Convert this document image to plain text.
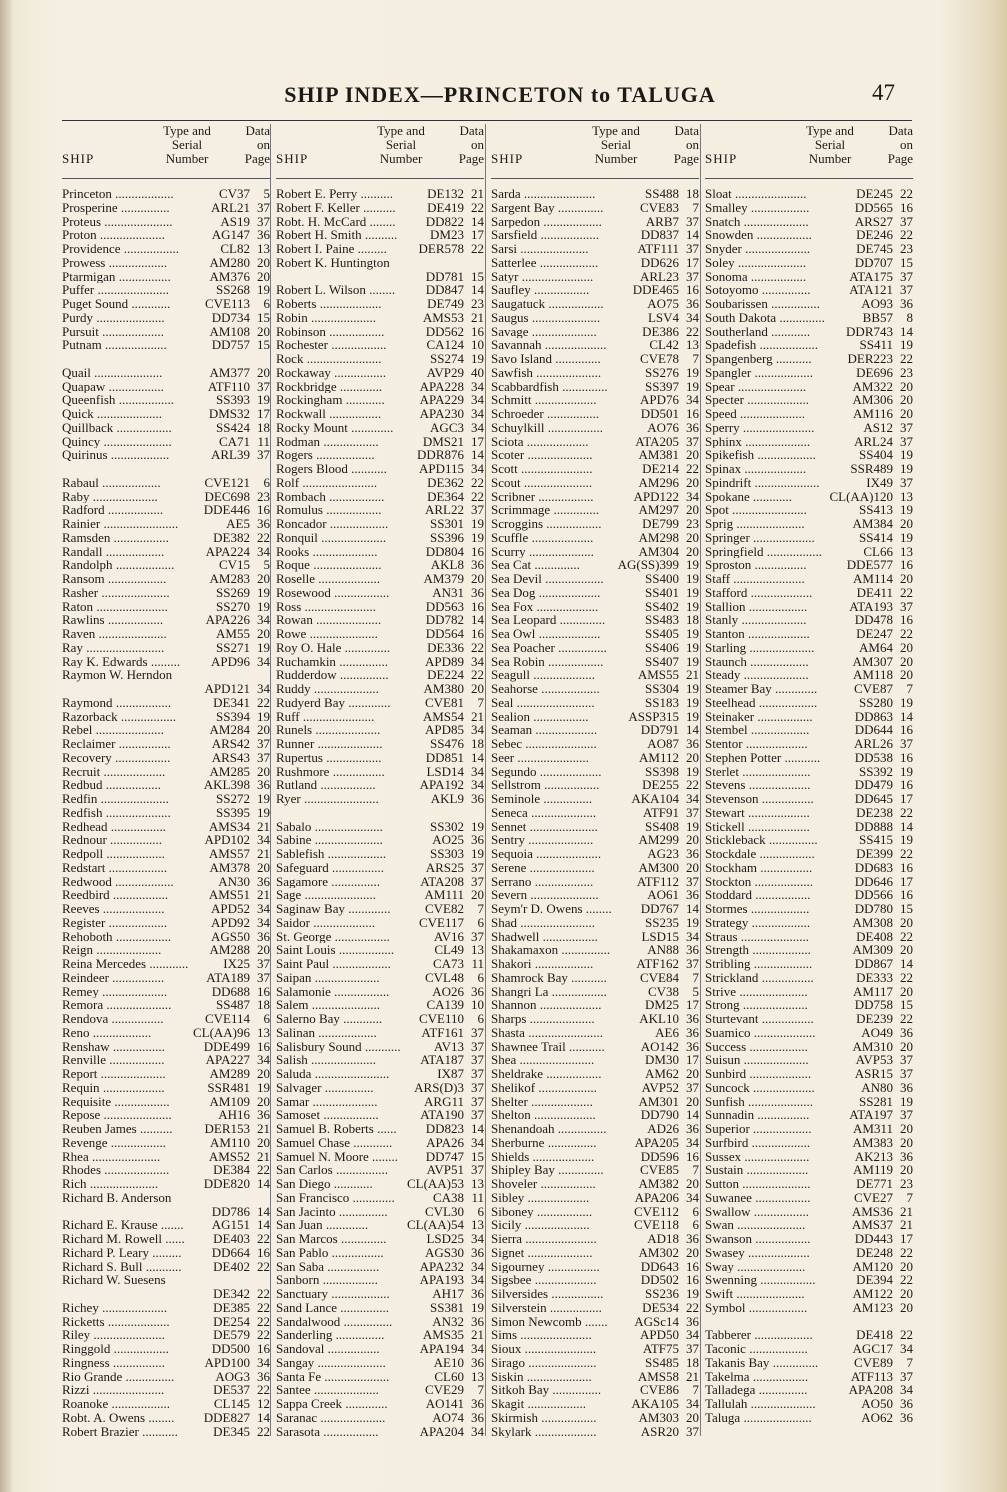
SHIP INDEX—PRINCETON to TALUGA	47
SHIP
Type and
Serial
Number
Data
on
Page
Princeton ..................	CV37	5
Prosperine ...............	ARL21 37
Proteus .....................	AS19 37
Proton ....................	AG147 36
Providence .................	CL82 13
Prowess ..................	AM280 20
Ptarmigan ................	AM376 20
Puffer ......................	SS268 19
Puget Sound ............	CVE113	6
Purdy .....................	DD734 15
Pursuit ...................	AM108 20
Putnam ...................	DD757 15
Quail .....................	AM377 20
Quapaw .................	ATF110 37
Queenfish .................	SS393 19
Quick ....................	DMS32 17
Quillback .................	SS424 18
Quincy .....................	CA71 11
Quirinus ..................	ARL39 37
Rabaul ..................	CVE121	6
Raby ....................	DEC698 23
Radford .................	DDE446 16
Rainier .......................	AE5 36
Ramsden .................	DE382 22
Randall ..................	APA224 34
Randolph ..................	CV15	5
Ransom ..................	AM283 20
Rasher .....................	SS269 19
Raton ......................	SS270 19
Rawlins .................	APA226 34
Raven .....................	AM55 20
Ray ........................	SS271 19
Ray K. Edwards ......... APD96 34
Raymon W. Herndon
APD121 34
Raymond .................	DE341 22
Razorback .................	SS394 19
Rebel .....................	AM284 20
Reclaimer ................	ARS42 37
Recovery .................	ARS43 37
Recruit ...................	AM285 20
Redbud .................	AKL398 36
Redfin .....................	SS272 19
Redfish ....................	SS395 19
Redhead .................	AMS34 21
Rednour ................	APD102 34
Redpoll ..................	AMS57 21
Redstart ..................	AM378 20
Redwood ..................	AN30 36
Reedbird .................	AMS51 21
Reeves ...................	APD52 34
Register ..................	APD92 34
Rehoboth .................	AGS50 36
Reign ....................	AM288 20
Reina Mercedes ............	IX25 37
Reindeer ................	ATA189 37
Remey ....................	DD688 16
Remora ....................	SS487 18
Rendova ................	CVE114	6
Reno ..................	CL(AA)96 13
Renshaw ................	DDE499 16
Renville .................	APA227 34
Report ....................	AM289 20
Requin ...................	SSR481 19
Requisite .................	AM109 20
Repose .....................	AH16 36
Reuben James .......... DER153 21
Revenge .................	AM110 20
Rhea .....................	AMS52 21
Rhodes ....................	DE384 22
Rich .....................	DDE820 14
Richard B. Anderson
DD786 14
Richard E. Krause ....... AG151 14
Richard M. Rowell ...... DE403 22
Richard P. Leary ......... DD664 16
Richard S. Bull ........... DE402 22
Richard W. Suesens
DE342 22
Richey ....................	DE385 22
Ricketts ...................	DE254 22
Riley ......................	DE579 22
Ringgold .................	DD500 16
Ringness ................	APD100 34
Rio Grande ...............	AOG3 36
Rizzi ......................	DE537 22
Roanoke ..................	CL145 12
Robt. A. Owens ........ DDE827 14
Robert Brazier ...........	DE345 22
SHIP
Type and
Serial
Number
Data
on
Page
Robert E. Perry ..........	DE132 21
Robert F. Keller .......... DE419 22
Robt. H. McCard ........ DD822 14
Robert H. Smith ..........	DM23 17
Robert I. Paine ......... DER578 22
Robert K. Huntington
DD781 15
Robert L. Wilson ........ DD847 14
Roberts ...................	DE749 23
Robin ....................	AMS53 21
Robinson .................	DD562 16
Rochester .................	CA124 10
Rock .......................	SS274 19
Rockaway ................	AVP29 40
Rockbridge .............	APA228 34
Rockingham ............	APA229 34
Rockwall ................	APA230 34
Rocky Mount .............	AGC3 34
Rodman .................	DMS21 17
Rogers ..................	DDR876 14
Rogers Blood ........... APD115 34
Rolf .......................	DE362 22
Rombach .................	DE364 22
Romulus .................	ARL22 37
Roncador ..................	SS301 19
Ronquil ....................	SS396 19
Rooks ....................	DD804 16
Roque .....................	AKL8 36
Roselle ...................	AM379 20
Rosewood .................	AN31 36
Ross ......................	DD563 16
Rowan ....................	DD782 14
Rowe .....................	DD564 16
Roy O. Hale ..............	DE336 22
Ruchamkin ...............	APD89 34
Rudderdow ...............	DE224 22
Ruddy ....................	AM380 20
Rudyerd Bay .............	CVE81	7
Ruff ......................	AMS54 21
Runels ....................	APD85 34
Runner ....................	SS476 18
Rupertus .................	DD851 14
Rushmore ................	LSD14 34
Rutland .................	APA192 34
Ryer .......................	AKL9 36
Sabalo .....................	SS302 19
Sabine .....................	AO25 36
Sablefish ..................	SS303 19
Safeguard ................	ARS25 37
Sagamore ...............	ATA208 37
Sage ......................	AM111 20
Saginaw Bay .............	CVE82	7
Saidor ...................	CVE117	6
St. George .................	AV16 37
Saint Louis .................	CL49 13
Saint Paul ..................	CA73 11
Saipan ....................	CVL48	6
Salamonie .................	AO26 36
Salem .....................	CA139 10
Salerno Bay ............	CVE110	6
Salinan ..................	ATF161 37
Salisbury Sound ...........	AV13 37
Salish ....................	ATA187 37
Saluda .......................	IX87 37
Salvager ...............	ARS(D)3 37
Samar ....................	ARG11 37
Samoset .................	ATA190 37
Samuel B. Roberts ...... DD823 14
Samuel Chase ............	APA26 34
Samuel N. Moore ........ DD747 15
San Carlos ................	AVP51 37
San Diego ............	CL(AA)53 13
San Francisco .............	CA38 11
San Jacinto ...............	CVL30	6
San Juan .............	CL(AA)54 13
San Marcos ..............	LSD25 34
San Pablo ................	AGS30 36
San Saba ................	APA232 34
Sanborn .................	APA193 34
Sanctuary ..................	AH17 36
Sand Lance ...............	SS381 19
Sandalwood ...............	AN32 36
Sanderling ...............	AMS35 21
Sandoval ................	APA194 34
Sangay .....................	AE10 36
Santa Fe ....................	CL60 13
Santee ....................	CVE29	7
Sappa Creek .............	AO141 36
Saranac ....................	AO74 36
Sarasota .................	APA204 34
SHIP
Type and
Serial
Number
Data
on
Page
Sarda ......................	SS488 18
Sargent Bay ..............	CVE83	7
Sarpedon ..................	ARB7 37
Sarsfield ..................	DD837 14
Sarsi .....................	ATF111 37
Satterlee ..................	DD626 17
Satyr ......................	ARL23 37
Saufley .................	DDE465 16
Saugatuck .................	AO75 36
Saugus .....................	LSV4 34
Savage ....................	DE386 22
Savannah ...................	CL42 13
Savo Island ..............	CVE78	7
Sawfish ....................	SS276 19
Scabbardfish ..............	SS397 19
Schmitt ...................	APD76 34
Schroeder ................	DD501 16
Schuylkill .................	AO76 36
Sciota ...................	ATA205 37
Scoter ....................	AM381 20
Scott ......................	DE214 22
Scout .....................	AM296 20
Scribner .................	APD122 34
Scrimmage ..............	AM297 20
Scroggins .................	DE799 23
Scuffle ...................	AM298 20
Scurry ....................	AM304 20
Sea Cat ..............	AG(SS)399 19
Sea Devil ..................	SS400 19
Sea Dog ...................	SS401 19
Sea Fox ...................	SS402 19
Sea Leopard ..............	SS483 18
Sea Owl ...................	SS405 19
Sea Poacher ...............	SS406 19
Sea Robin .................	SS407 19
Seagull ...................	AMS55 21
Seahorse ..................	SS304 19
Seal ........................	SS183 19
Sealion .................	ASSP315 19
Seaman ...................	DD791 14
Sebec ......................	AO87 36
Seer ......................	AM112 20
Segundo ...................	SS398 19
Sellstrom .................	DE255 22
Seminole ...............	AKA104 34
Seneca ....................	ATF91 37
Sennet .....................	SS408 19
Sentry ....................	AM299 20
Sequoia ....................	AG23 36
Serene ....................	AM300 20
Serrano ..................	ATF112 37
Severn .....................	AO61 36
Seym'r D. Owens ........ DD767 14
Shad .......................	SS235 19
Shadwell .................	LSD15 34
Shakamaxon ...............	AN88 36
Shakori ..................	ATF162 37
Shamrock Bay ...........	CVE84	7
Shangri La .................	CV38	5
Shannon ...................	DM25 17
Sharps ....................	AKL10 36
Shasta .......................	AE6 36
Shawnee Trail ...........	AO142 36
Shea .......................	DM30 17
Sheldrake .................	AM62 20
Shelikof ..................	AVP52 37
Shelter ...................	AM301 20
Shelton ...................	DD790 14
Shenandoah ...............	AD26 36
Sherburne ...............	APA205 34
Shields ...................	DD596 16
Shipley Bay ..............	CVE85	7
Shoveler .................	AM382 20
Sibley ...................	APA206 34
Siboney .................	CVE112	6
Sicily ....................	CVE118	6
Sierra ......................	AD18 36
Signet ....................	AM302 20
Sigourney ................	DD643 16
Sigsbee ...................	DD502 16
Silversides ................	SS236 19
Silverstein ................	DE534 22
Simon Newcomb ....... AGSc14 36
Sims ......................	APD50 34
Sioux ......................	ATF75 37
Sirago .....................	SS485 18
Siskin ....................	AMS58 21
Sitkoh Bay ...............	CVE86	7
Skagit ..................	AKA105 34
Skirmish .................	AM303 20
Skylark ...................	ASR20 37
SHIP
Type and
Serial
Number
Data
on
Page
Sloat ......................	DE245 22
Smalley ..................	DD565 16
Snatch ....................	ARS27 37
Snowden .................	DE246 22
Snyder ....................	DE745 23
Soley .....................	DD707 15
Sonoma .................	ATA175 37
Sotoyomo ...............	ATA121 37
Soubarissen ...............	AO93 36
South Dakota ..............	BB57	8
Southerland ............	DDR743 14
Spadefish ..................	SS411 19
Spangenberg ...........	DER223 22
Spangler ..................	DE696 23
Spear .....................	AM322 20
Specter ...................	AM306 20
Speed ....................	AM116 20
Sperry ......................	AS12 37
Sphinx ....................	ARL24 37
Spikefish ..................	SS404 19
Spinax ...................	SSR489 19
Spindrift ....................	IX49 37
Spokane ............	CL(AA)120 13
Spot .......................	SS413 19
Sprig .....................	AM384 20
Springer ...................	SS414 19
Springfield .................	CL66 13
Sproston ................	DDE577 16
Staff ......................	AM114 20
Stafford ...................	DE411 22
Stallion ..................	ATA193 37
Stanly ....................	DD478 16
Stanton ...................	DE247 22
Starling ....................	AM64 20
Staunch ..................	AM307 20
Steady ....................	AM118 20
Steamer Bay .............	CVE87	7
Steelhead ..................	SS280 19
Steinaker .................	DD863 14
Stembel ..................	DD644 16
Stentor ...................	ARL26 37
Stephen Potter ...........	DD538 16
Sterlet .....................	SS392 19
Stevens ...................	DD479 16
Stevenson ................	DD645 17
Stewart ...................	DE238 22
Stickell ...................	DD888 14
Stickleback ...............	SS415 19
Stockdale .................	DE399 22
Stockham ................	DD683 16
Stockton ..................	DD646 17
Stoddard .................	DD566 16
Stormes ..................	DD780 15
Strategy ..................	AM308 20
Straus .....................	DE408 22
Strength ..................	AM309 20
Stribling ..................	DD867 14
Strickland ................	DE333 22
Strive .....................	AM117 20
Strong ....................	DD758 15
Sturtevant ................	DE239 22
Suamico ...................	AO49 36
Success ..................	AM310 20
Suisun ....................	AVP53 37
Sunbird ...................	ASR15 37
Suncock ...................	AN80 36
Sunfish ....................	SS281 19
Sunnadin ................	ATA197 37
Superior ..................	AM311 20
Surfbird ..................	AM383 20
Sussex ....................	AK213 36
Sustain ...................	AM119 20
Sutton .....................	DE771 23
Suwanee .................	CVE27	7
Swallow .................	AMS36 21
Swan .....................	AMS37 21
Swanson .................	DD443 17
Swasey ...................	DE248 22
Sway .....................	AM120 20
Swenning .................	DE394 22
Swift .....................	AM122 20
Symbol ..................	AM123 20
Tabberer ..................	DE418 22
Taconic ..................	AGC17 34
Takanis Bay ..............	CVE89	7
Takelma .................	ATF113 37
Talladega ...............	APA208 34
Tallulah ....................	AO50 36
Taluga .....................	AO62 36
